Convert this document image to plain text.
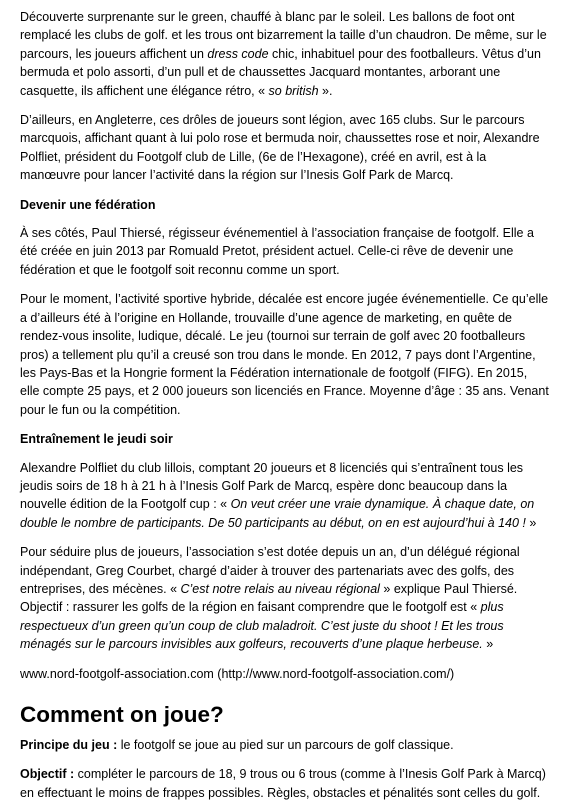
Découverte surprenante sur le green, chauffé à blanc par le soleil. Les ballons de foot ont remplacé les clubs de golf. et les trous ont bizarrement la taille d’un chaudron. De même, sur le parcours, les joueurs affichent un dress code chic, inhabituel pour des footballeurs. Vêtus d’un bermuda et polo assorti, d’un pull et de chaussettes Jacquard montantes, arborant une casquette, ils affichent une élégance rétro, « so british ».

D’ailleurs, en Angleterre, ces drôles de joueurs sont légion, avec 165 clubs. Sur le parcours marcquois, affichant quant à lui polo rose et bermuda noir, chaussettes rose et noir, Alexandre Polfliet, président du Footgolf club de Lille, (6e de l’Hexagone), créé en avril, est à la manœuvre pour lancer l’activité dans la région sur l’Inesis Golf Park de Marcq.

Devenir une fédération

À ses côtés, Paul Thiersé, régisseur événementiel à l’association française de footgolf. Elle a été créée en juin 2013 par Romuald Pretot, président actuel. Celle-ci rêve de devenir une fédération et que le footgolf soit reconnu comme un sport.

Pour le moment, l’activité sportive hybride, décalée est encore jugée événementielle. Ce qu’elle a d’ailleurs été à l’origine en Hollande, trouvaille d’une agence de marketing, en quête de rendez-vous insolite, ludique, décalé. Le jeu (tournoi sur terrain de golf avec 20 footballeurs pros) a tellement plu qu’il a creusé son trou dans le monde. En 2012, 7 pays dont l’Argentine, les Pays-Bas et la Hongrie forment la Fédération internationale de footgolf (FIFG). En 2015, elle compte 25 pays, et 2 000 joueurs son licenciés en France. Moyenne d’âge : 35 ans. Venant pour le fun ou la compétition.

Entraînement le jeudi soir

Alexandre Polfliet du club lillois, comptant 20 joueurs et 8 licenciés qui s’entraînent tous les jeudis soirs de 18 h à 21 h à l’Inesis Golf Park de Marcq, espère donc beaucoup dans la nouvelle édition de la Footgolf cup : « On veut créer une vraie dynamique. À chaque date, on double le nombre de participants. De 50 participants au début, on en est aujourd’hui à 140 ! »

Pour séduire plus de joueurs, l’association s’est dotée depuis un an, d’un délégué régional indépendant, Greg Courbet, chargé d’aider à trouver des partenariats avec des golfs, des entreprises, des mécènes. « C’est notre relais au niveau régional » explique Paul Thiersé. Objectif : rassurer les golfs de la région en faisant comprendre que le footgolf est « plus respectueux d’un green qu’un coup de club maladroit. C’est juste du shoot ! Et les trous ménagés sur le parcours invisibles aux golfeurs, recouverts d’une plaque herbeuse. »

www.nord-footgolf-association.com (http://www.nord-footgolf-association.com/)

Comment on joue?

Principe du jeu : le footgolf se joue au pied sur un parcours de golf classique.

Objectif : compléter le parcours de 18, 9 trous ou 6 trous (comme à l’Inesis Golf Park à Marcq) en effectuant le moins de frappes possibles. Règles, obstacles et pénalités sont celles du golf.
